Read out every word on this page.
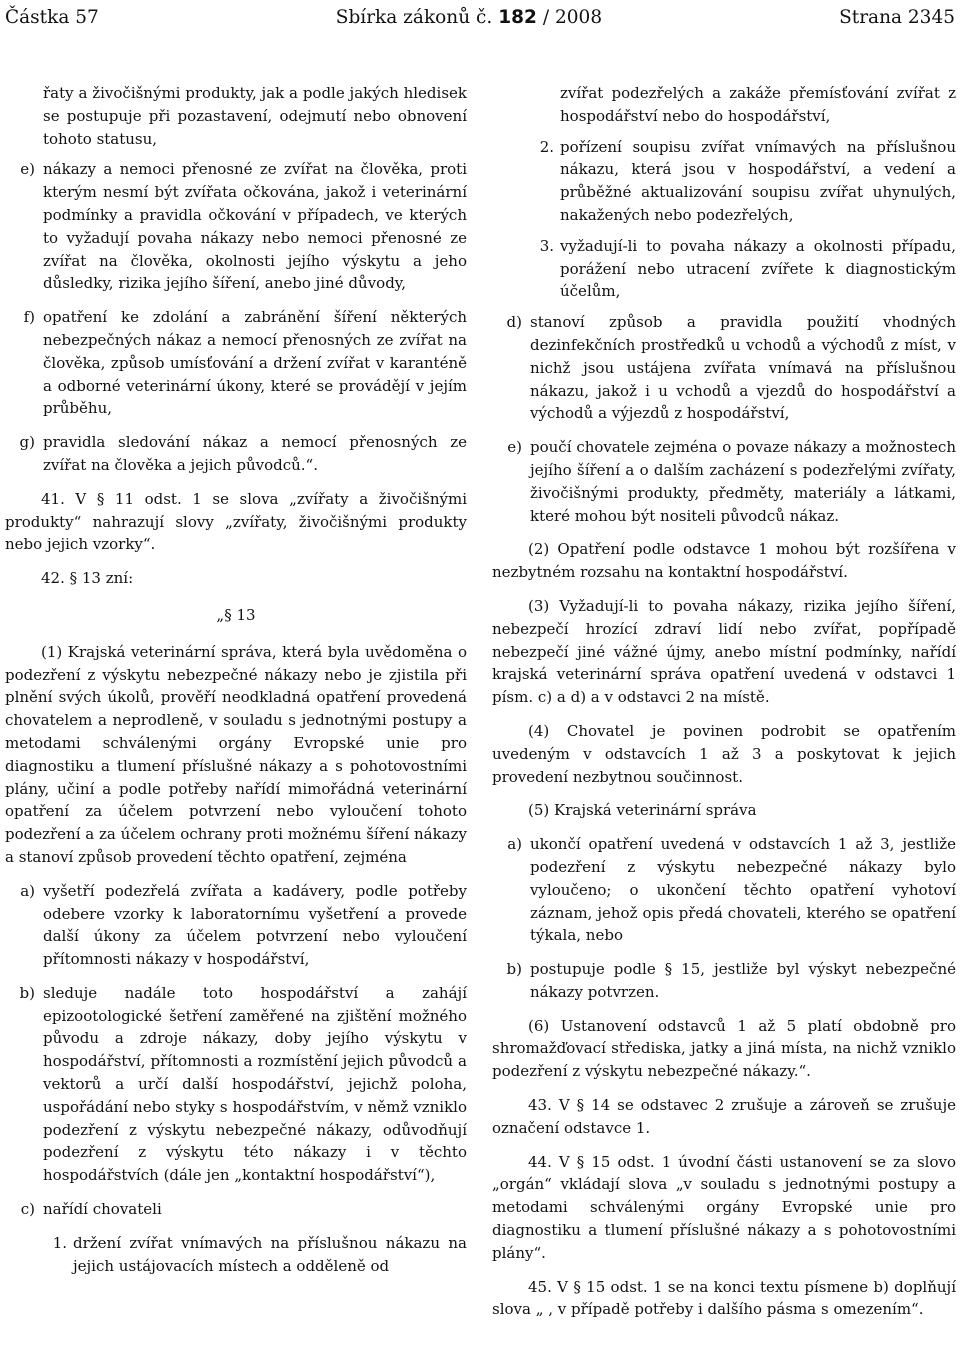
Částka 57	Sbírka zákonů č. 182 / 2008	Strana 2345

řaty a živočišnými produkty, jak a podle jakých hledisek se postupuje při pozastavení, odejmutí nebo obnovení tohoto statusu,

e) nákazy a nemoci přenosné ze zvířat na člověka, proti kterým nesmí být zvířata očkována, jakož i veterinární podmínky a pravidla očkování v případech, ve kterých to vyžadují povaha nákazy nebo nemoci přenosné ze zvířat na člověka, okolnosti jejího výskytu a jeho důsledky, rizika jejího šíření, anebo jiné důvody,
f) opatření ke zdolání a zabránění šíření některých nebezpečných nákaz a nemocí přenosných ze zvířat na člověka, způsob umísťování a držení zvířat v karanténě a odborné veterinární úkony, které se provádějí v jejím průběhu,
g) pravidla sledování nákaz a nemocí přenosných ze zvířat na člověka a jejich původců.“.

41. V § 11 odst. 1 se slova „zvířaty a živočišnými produkty“ nahrazují slovy „zvířaty, živočišnými produkty nebo jejich vzorky“.

42. § 13 zní:

„§ 13

(1) Krajská veterinární správa, která byla uvědoměna o podezření z výskytu nebezpečné nákazy nebo je zjistila při plnění svých úkolů, prověří neodkladná opatření provedená chovatelem a neprodleně, v souladu s jednotnými postupy a metodami schválenými orgány Evropské unie pro diagnostiku a tlumení příslušné nákazy a s pohotovostními plány, učiní a podle potřeby nařídí mimořádná veterinární opatření za účelem potvrzení nebo vyloučení tohoto podezření a za účelem ochrany proti možnému šíření nákazy a stanoví způsob provedení těchto opatření, zejména

a) vyšetří podezřelá zvířata a kadávery, podle potřeby odebere vzorky k laboratornímu vyšetření a provede další úkony za účelem potvrzení nebo vyloučení přítomnosti nákazy v hospodářství,
b) sleduje nadále toto hospodářství a zahájí epizootologické šetření zaměřené na zjištění možného původu a zdroje nákazy, doby jejího výskytu v hospodářství, přítomnosti a rozmístění jejich původců a vektorů a určí další hospodářství, jejichž poloha, uspořádání nebo styky s hospodářstvím, v němž vzniklo podezření z výskytu nebezpečné nákazy, odůvodňují podezření z výskytu této nákazy i v těchto hospodářstvích (dále jen „kontaktní hospodářství“),
c) nařídí chovateli
1. držení zvířat vnímavých na příslušnou nákazu na jejich ustájovacích místech a odděleně od

zvířat podezřelých a zakáže přemísťování zvířat z hospodářství nebo do hospodářství,

2. pořízení soupisu zvířat vnímavých na příslušnou nákazu, která jsou v hospodářství, a vedení a průběžné aktualizování soupisu zvířat uhynulých, nakažených nebo podezřelých,
3. vyžadují-li to povaha nákazy a okolnosti případu, porážení nebo utracení zvířete k diagnostickým účelům,
d) stanoví způsob a pravidla použití vhodných dezinfekčních prostředků u vchodů a východů z míst, v nichž jsou ustájena zvířata vnímavá na příslušnou nákazu, jakož i u vchodů a vjezdů do hospodářství a východů a výjezdů z hospodářství,
e) poučí chovatele zejména o povaze nákazy a možnostech jejího šíření a o dalším zacházení s podezřelými zvířaty, živočišnými produkty, předměty, materiály a látkami, které mohou být nositeli původců nákaz.

(2) Opatření podle odstavce 1 mohou být rozšířena v nezbytném rozsahu na kontaktní hospodářství.

(3) Vyžadují-li to povaha nákazy, rizika jejího šíření, nebezpečí hrozící zdraví lidí nebo zvířat, popřípadě nebezpečí jiné vážné újmy, anebo místní podmínky, nařídí krajská veterinární správa opatření uvedená v odstavci 1 písm. c) a d) a v odstavci 2 na místě.

(4) Chovatel je povinen podrobit se opatřením uvedeným v odstavcích 1 až 3 a poskytovat k jejich provedení nezbytnou součinnost.

(5) Krajská veterinární správa

a) ukončí opatření uvedená v odstavcích 1 až 3, jestliže podezření z výskytu nebezpečné nákazy bylo vyloučeno; o ukončení těchto opatření vyhotoví záznam, jehož opis předá chovateli, kterého se opatření týkala, nebo
b) postupuje podle § 15, jestliže byl výskyt nebezpečné nákazy potvrzen.

(6) Ustanovení odstavců 1 až 5 platí obdobně pro shromažďovací střediska, jatky a jiná místa, na nichž vzniklo podezření z výskytu nebezpečné nákazy.“.

43. V § 14 se odstavec 2 zrušuje a zároveň se zrušuje označení odstavce 1.

44. V § 15 odst. 1 úvodní části ustanovení se za slovo „orgán“ vkládají slova „v souladu s jednotnými postupy a metodami schválenými orgány Evropské unie pro diagnostiku a tlumení příslušné nákazy a s pohotovostními plány“.

45. V § 15 odst. 1 se na konci textu písmene b) doplňují slova „ , v případě potřeby i dalšího pásma s omezením“.
